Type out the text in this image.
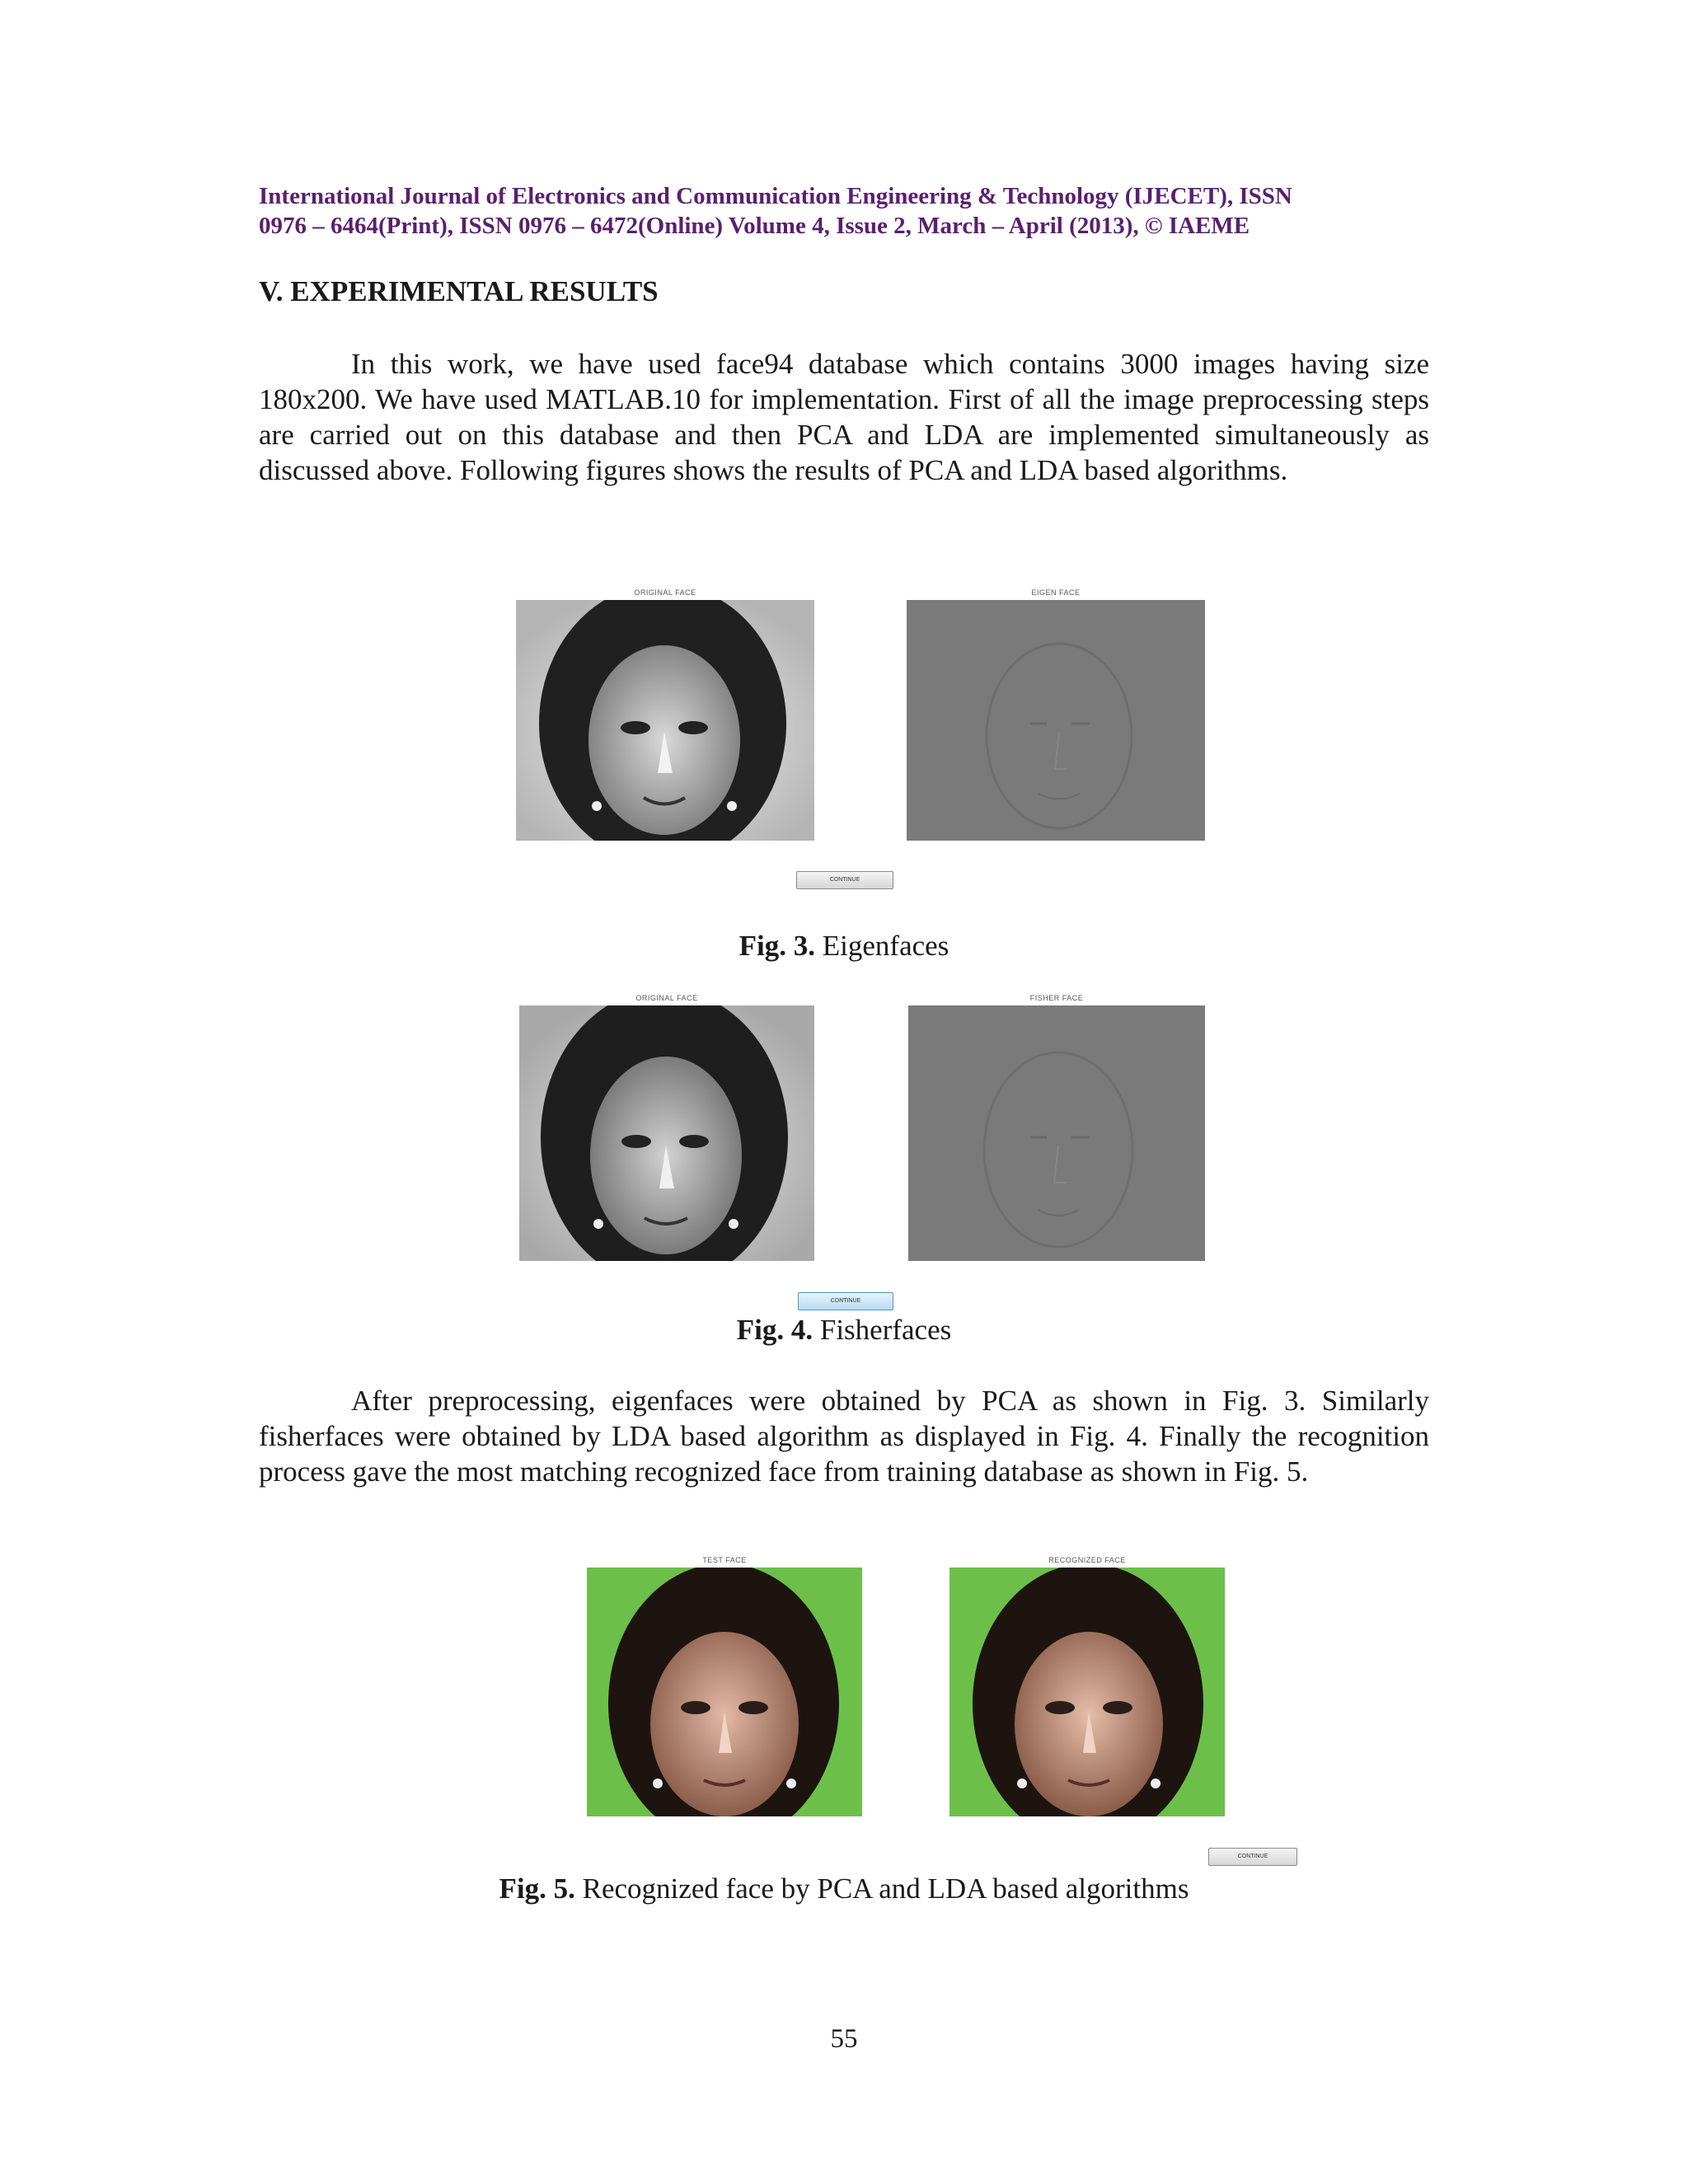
International Journal of Electronics and Communication Engineering & Technology (IJECET), ISSN
0976 – 6464(Print), ISSN 0976 – 6472(Online) Volume 4, Issue 2, March – April (2013), © IAEME
V. EXPERIMENTAL RESULTS
In this work, we have used face94 database which contains 3000 images having size 180x200. We have used MATLAB.10 for implementation. First of all the image preprocessing steps are carried out on this database and then PCA and LDA are implemented simultaneously as discussed above. Following figures shows the results of PCA and LDA based algorithms.
ORIGINAL FACE	EIGEN FACE
CONTINUE
Fig. 3. Eigenfaces
ORIGINAL FACE	FISHER FACE
CONTINUE
Fig. 4. Fisherfaces
After preprocessing, eigenfaces were obtained by PCA as shown in Fig. 3. Similarly fisherfaces were obtained by LDA based algorithm as displayed in Fig. 4. Finally the recognition process gave the most matching recognized face from training database as shown in Fig. 5.
TEST FACE	RECOGNIZED FACE
CONTINUE
Fig. 5. Recognized face by PCA and LDA based algorithms
55
